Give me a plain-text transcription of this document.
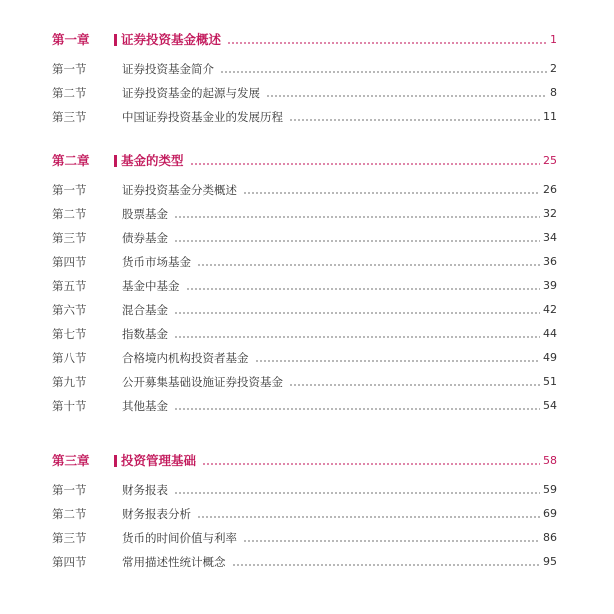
第一章	证券投资基金概述	1
第一节	证券投资基金简介	2
第二节	证券投资基金的起源与发展	8
第三节	中国证券投资基金业的发展历程	11
第二章	基金的类型	25
第一节	证券投资基金分类概述	26
第二节	股票基金	32
第三节	债券基金	34
第四节	货币市场基金	36
第五节	基金中基金	39
第六节	混合基金	42
第七节	指数基金	44
第八节	合格境内机构投资者基金	49
第九节	公开募集基础设施证券投资基金	51
第十节	其他基金	54
第三章	投资管理基础	58
第一节	财务报表	59
第二节	财务报表分析	69
第三节	货币的时间价值与利率	86
第四节	常用描述性统计概念	95
